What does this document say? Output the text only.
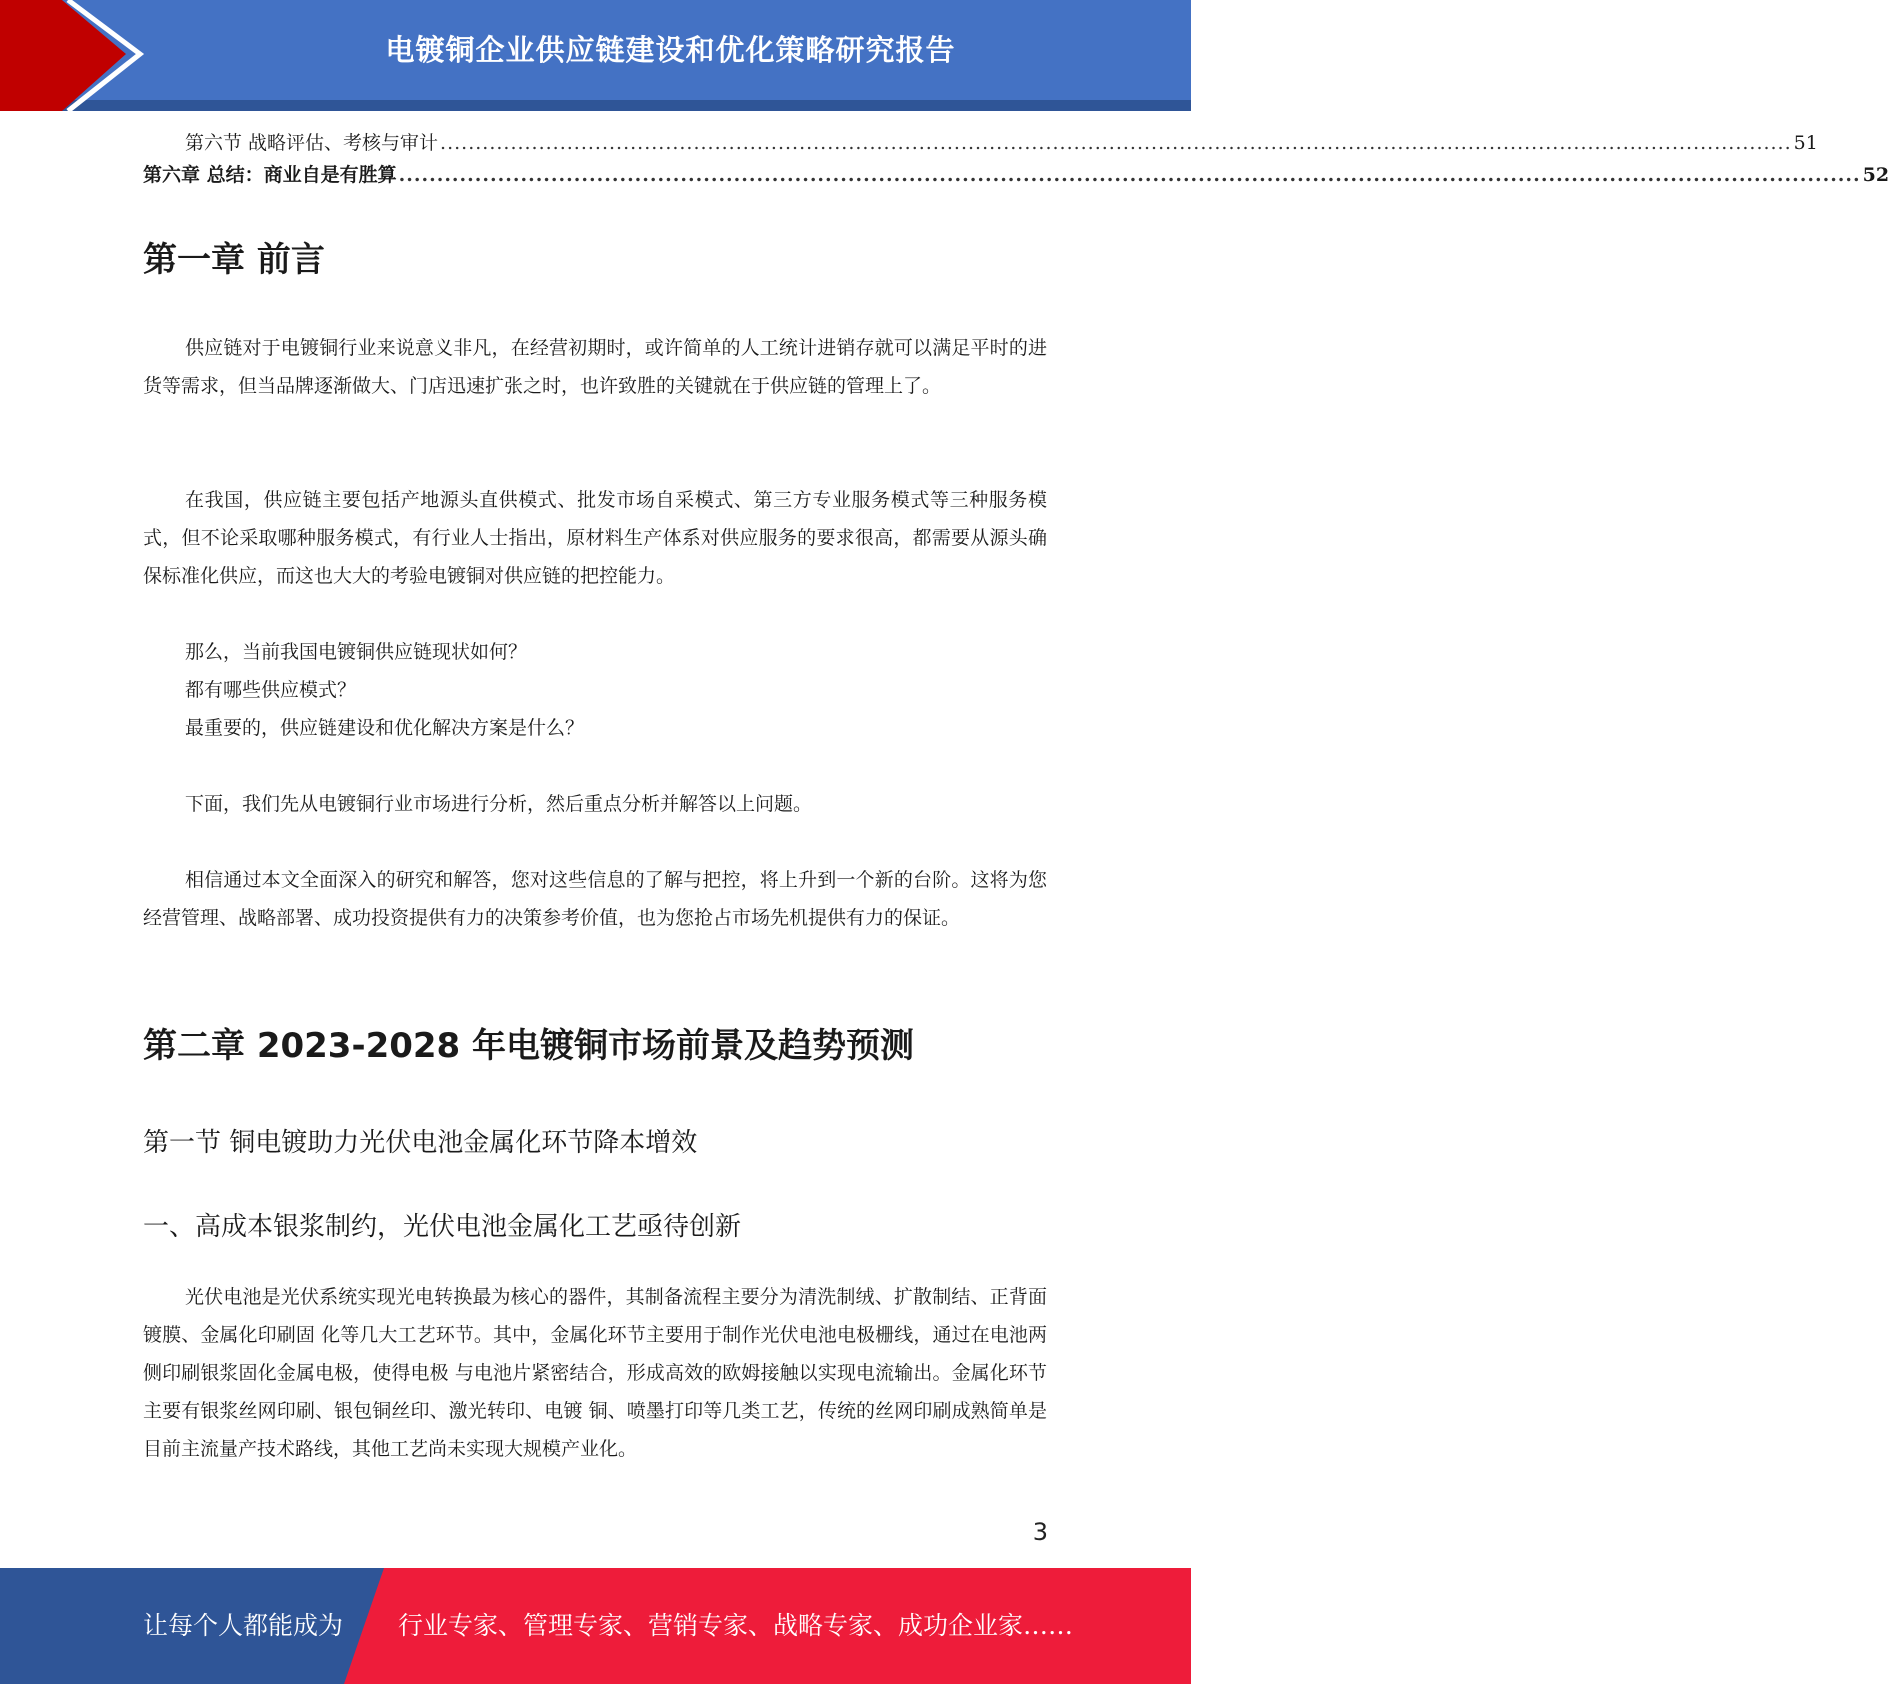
电镀铜企业供应链建设和优化策略研究报告
第六节 战略评估、考核与审计 ................................................................................................................................................................................................ 51
第六章 总结：商业自是有胜算 ................................................................................................................................................................................................ 52
第一章 前言

供应链对于电镀铜行业来说意义非凡，在经营初期时，或许简单的人工统计进销存就可以满足平时的进货等需求，但当品牌逐渐做大、门店迅速扩张之时，也许致胜的关键就在于供应链的管理上了。

在我国，供应链主要包括产地源头直供模式、批发市场自采模式、第三方专业服务模式等三种服务模式，但不论采取哪种服务模式，有行业人士指出，原材料生产体系对供应服务的要求很高，都需要从源头确保标准化供应，而这也大大的考验电镀铜对供应链的把控能力。

那么，当前我国电镀铜供应链现状如何？
都有哪些供应模式？
最重要的，供应链建设和优化解决方案是什么？

下面，我们先从电镀铜行业市场进行分析，然后重点分析并解答以上问题。

相信通过本文全面深入的研究和解答，您对这些信息的了解与把控，将上升到一个新的台阶。这将为您经营管理、战略部署、成功投资提供有力的决策参考价值，也为您抢占市场先机提供有力的保证。

第二章 2023-2028 年电镀铜市场前景及趋势预测
第一节 铜电镀助力光伏电池金属化环节降本增效
一、高成本银浆制约，光伏电池金属化工艺亟待创新

光伏电池是光伏系统实现光电转换最为核心的器件，其制备流程主要分为清洗制绒、扩散制结、正背面镀膜、金属化印刷固 化等几大工艺环节。其中，金属化环节主要用于制作光伏电池电极栅线，通过在电池两侧印刷银浆固化金属电极，使得电极 与电池片紧密结合，形成高效的欧姆接触以实现电流输出。金属化环节主要有银浆丝网印刷、银包铜丝印、激光转印、电镀 铜、喷墨打印等几类工艺，传统的丝网印刷成熟简单是目前主流量产技术路线，其他工艺尚未实现大规模产业化。

3
让每个人都能成为 行业专家、管理专家、营销专家、战略专家、成功企业家……
